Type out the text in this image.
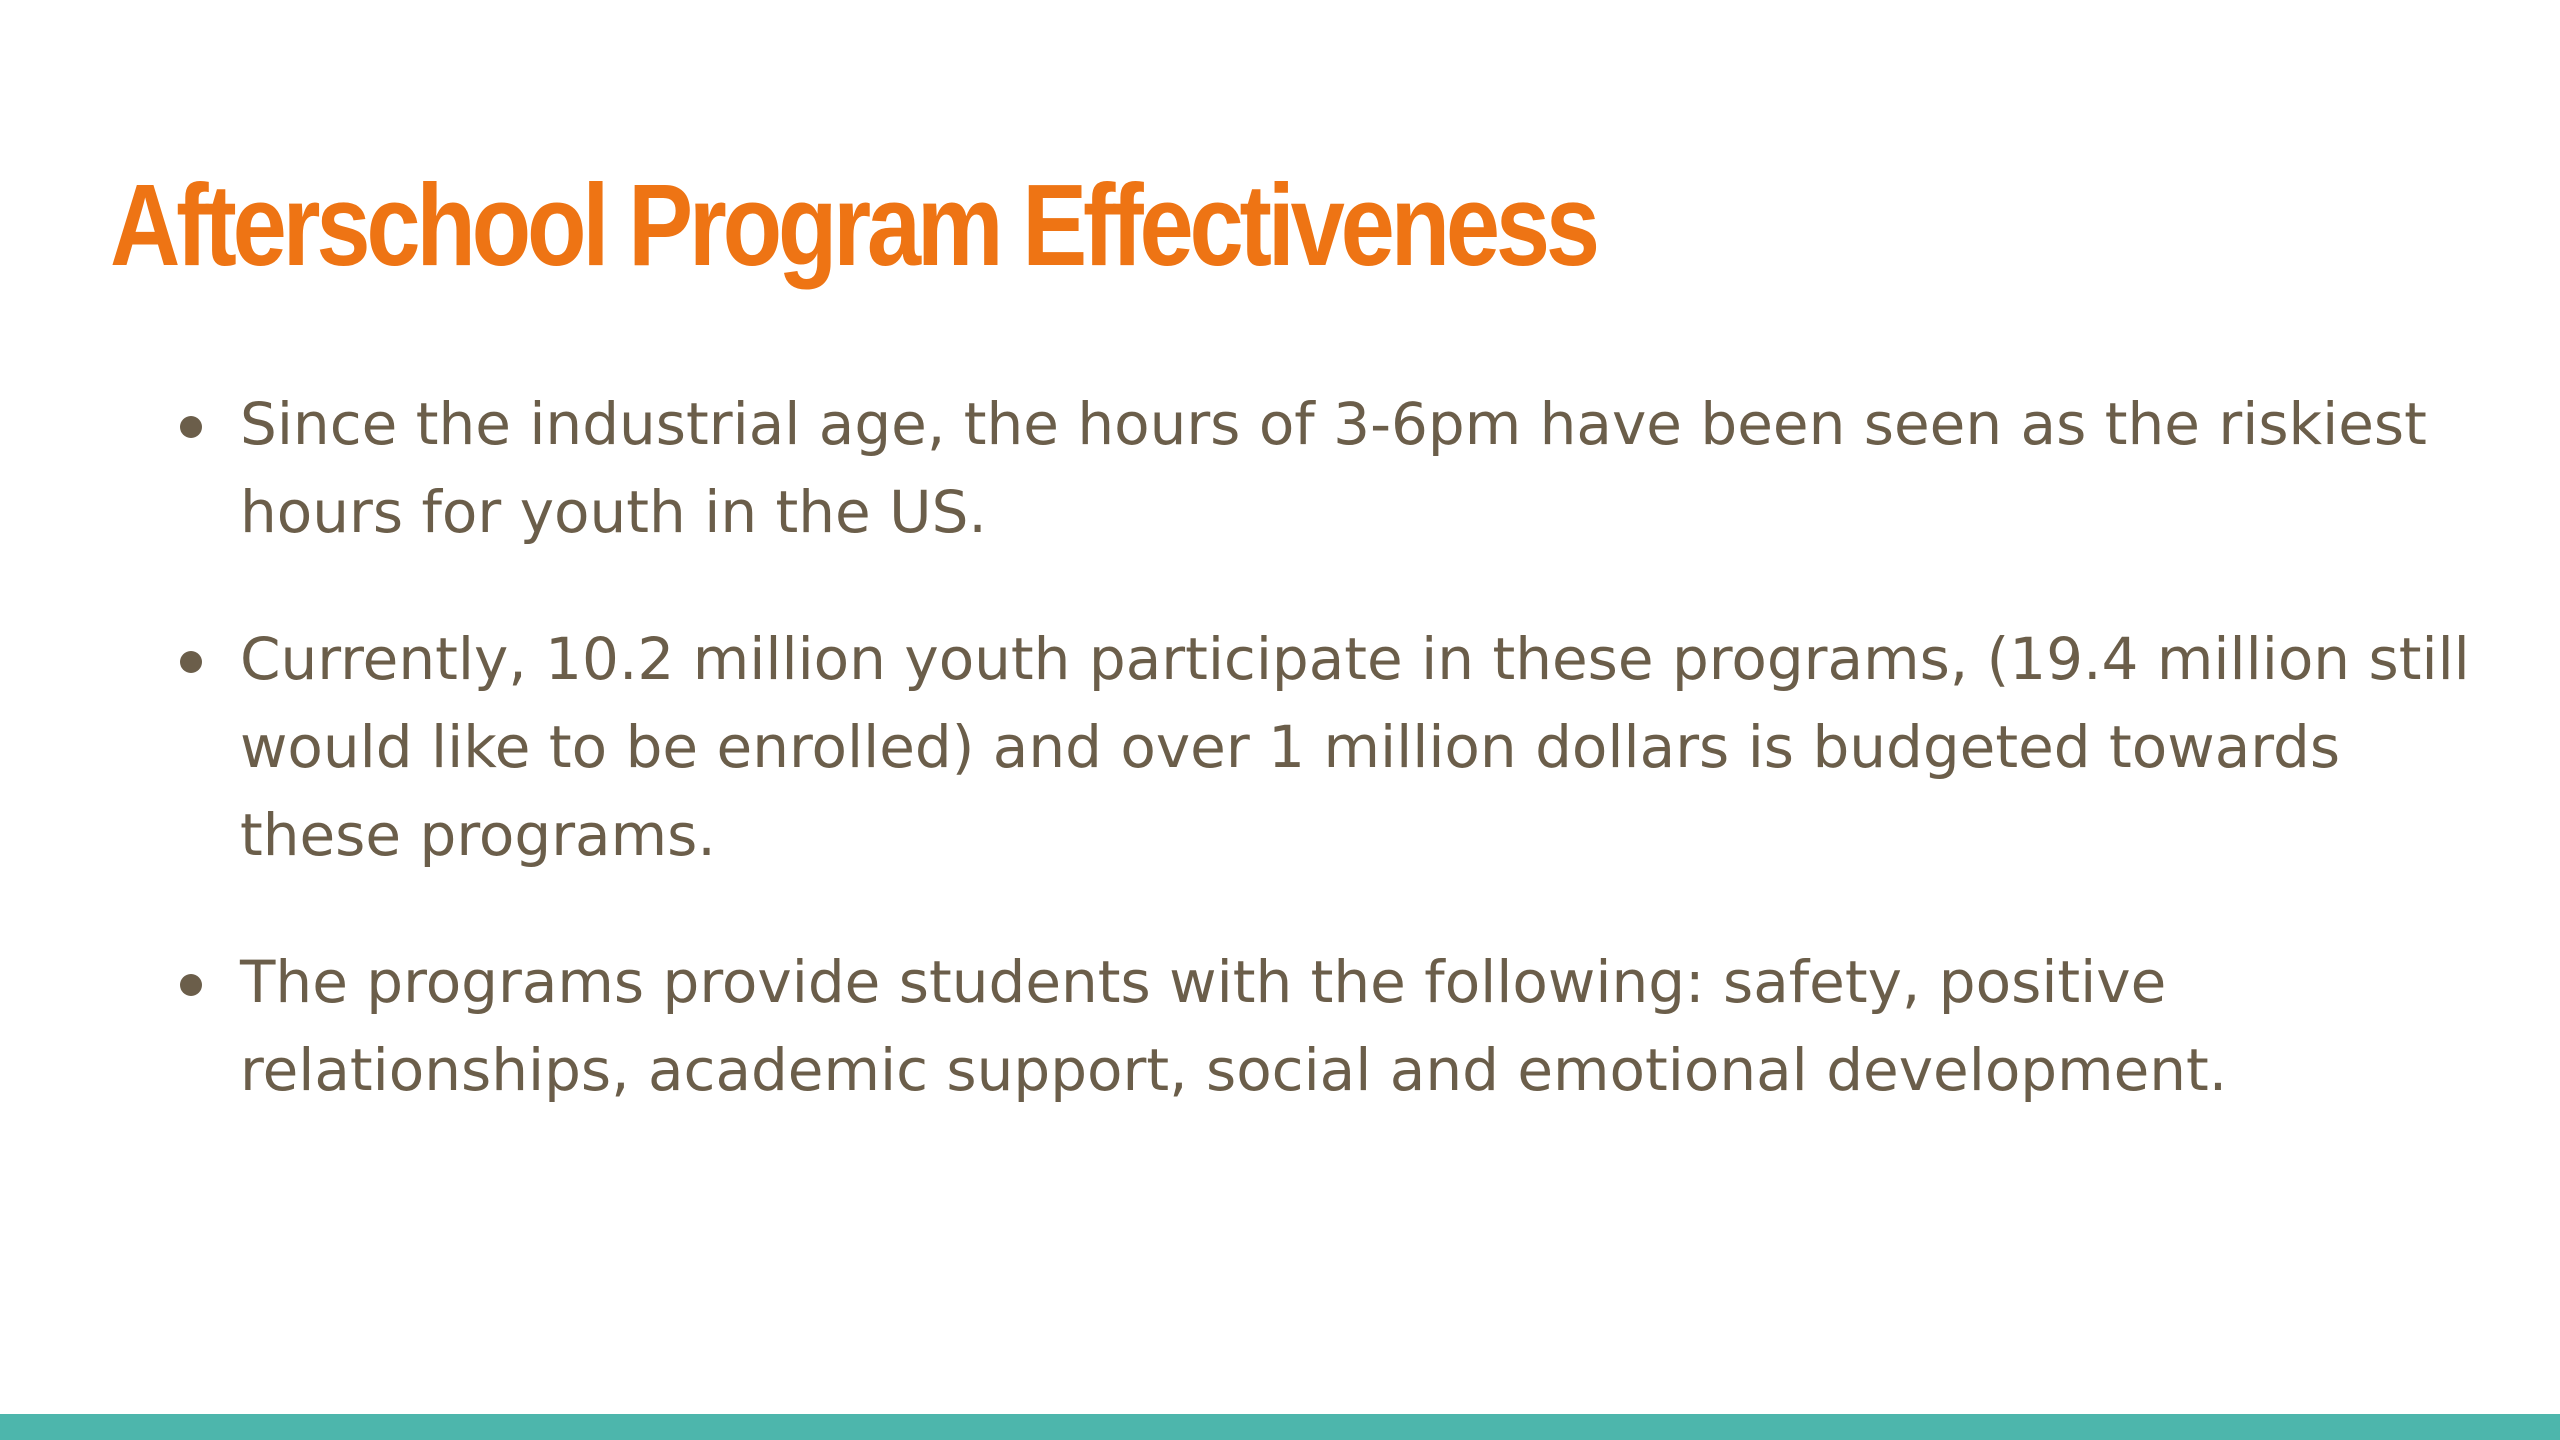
Afterschool Program Effectiveness
Since the industrial age, the hours of 3-6pm have been seen as the riskiest hours for youth in the US.
Currently, 10.2 million youth participate in these programs, (19.4 million still would like to be enrolled) and over 1 million dollars is budgeted towards these programs.
The programs provide students with the following: safety, positive relationships, academic support, social and emotional development.
